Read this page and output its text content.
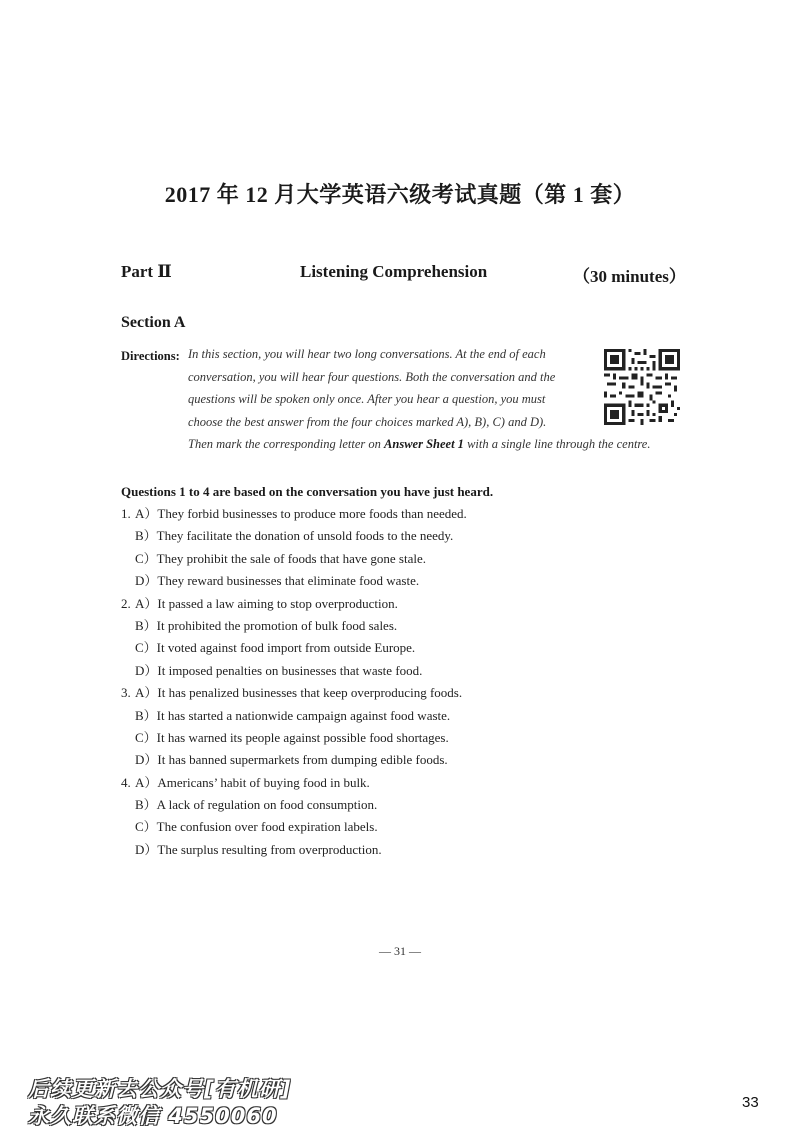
2017 年 12 月大学英语六级考试真题（第 1 套）
Part Ⅱ	Listening Comprehension	（30 minutes）
Section A
Directions: In this section, you will hear two long conversations. At the end of each
conversation, you will hear four questions. Both the conversation and the
questions will be spoken only once. After you hear a question, you must
choose the best answer from the four choices marked A), B), C) and D).
Then mark the corresponding letter on Answer Sheet 1 with a single line through the centre.
Questions 1 to 4 are based on the conversation you have just heard.
1. A）They forbid businesses to produce more foods than needed.
B）They facilitate the donation of unsold foods to the needy.
C）They prohibit the sale of foods that have gone stale.
D）They reward businesses that eliminate food waste.
2. A）It passed a law aiming to stop overproduction.
B）It prohibited the promotion of bulk food sales.
C）It voted against food import from outside Europe.
D）It imposed penalties on businesses that waste food.
3. A）It has penalized businesses that keep overproducing foods.
B）It has started a nationwide campaign against food waste.
C）It has warned its people against possible food shortages.
D）It has banned supermarkets from dumping edible foods.
4. A）Americans’ habit of buying food in bulk.
B）A lack of regulation on food consumption.
C）The confusion over food expiration labels.
D）The surplus resulting from overproduction.
— 31 —
后续更新去公众号[有机研]
永久联系微信 4550060
33
